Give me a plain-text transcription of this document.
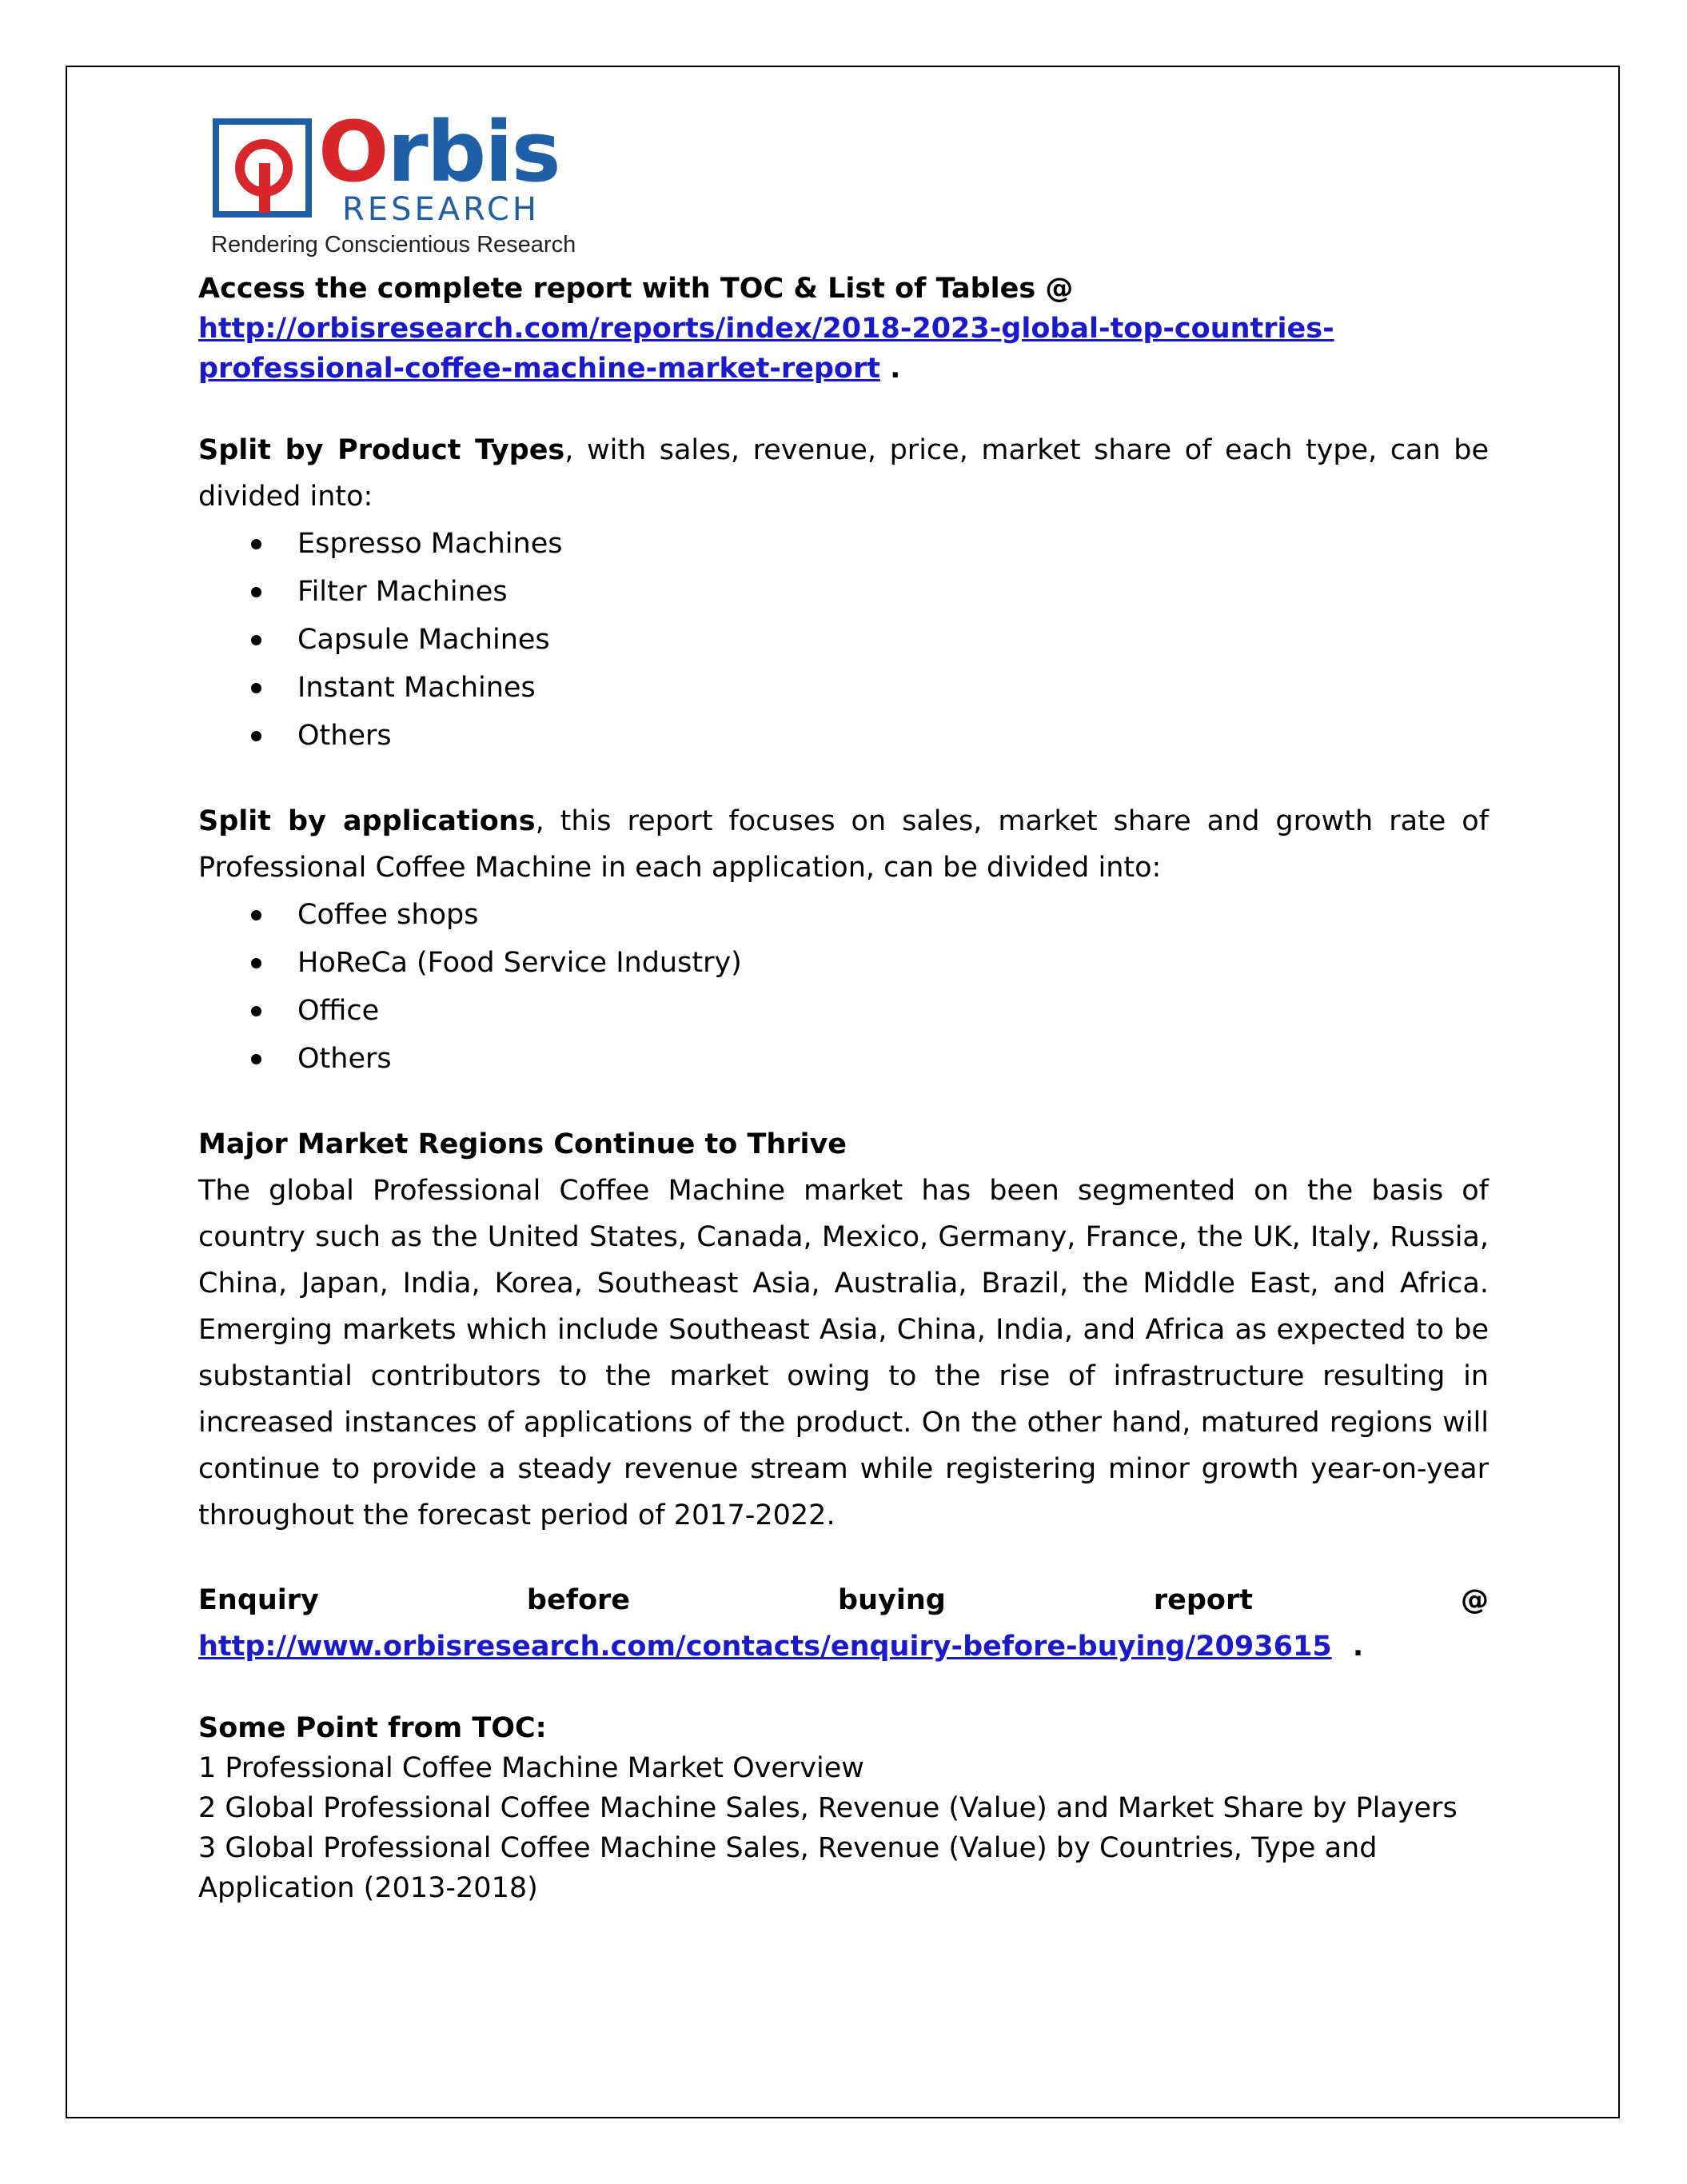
Orbis
RESEARCH
Rendering Conscientious Research

Access the complete report with TOC & List of Tables @
http://orbisresearch.com/reports/index/2018-2023-global-top-countries-professional-coffee-machine-market-report .

Split by Product Types, with sales, revenue, price, market share of each type, can be divided into:

Espresso Machines
Filter Machines
Capsule Machines
Instant Machines
Others

Split by applications, this report focuses on sales, market share and growth rate of Professional Coffee Machine in each application, can be divided into:

Coffee shops
HoReCa (Food Service Industry)
Office
Others

Major Market Regions Continue to Thrive

The global Professional Coffee Machine market has been segmented on the basis of country such as the United States, Canada, Mexico, Germany, France, the UK, Italy, Russia, China, Japan, India, Korea, Southeast Asia, Australia, Brazil, the Middle East, and Africa. Emerging markets which include Southeast Asia, China, India, and Africa as expected to be substantial contributors to the market owing to the rise of infrastructure resulting in increased instances of applications of the product. On the other hand, matured regions will continue to provide a steady revenue stream while registering minor growth year-on-year throughout the forecast period of 2017-2022.

Enquiry before buying report @ http://www.orbisresearch.com/contacts/enquiry-before-buying/2093615 .

Some Point from TOC:

1 Professional Coffee Machine Market Overview

2 Global Professional Coffee Machine Sales, Revenue (Value) and Market Share by Players

3 Global Professional Coffee Machine Sales, Revenue (Value) by Countries, Type and Application (2013-2018)
